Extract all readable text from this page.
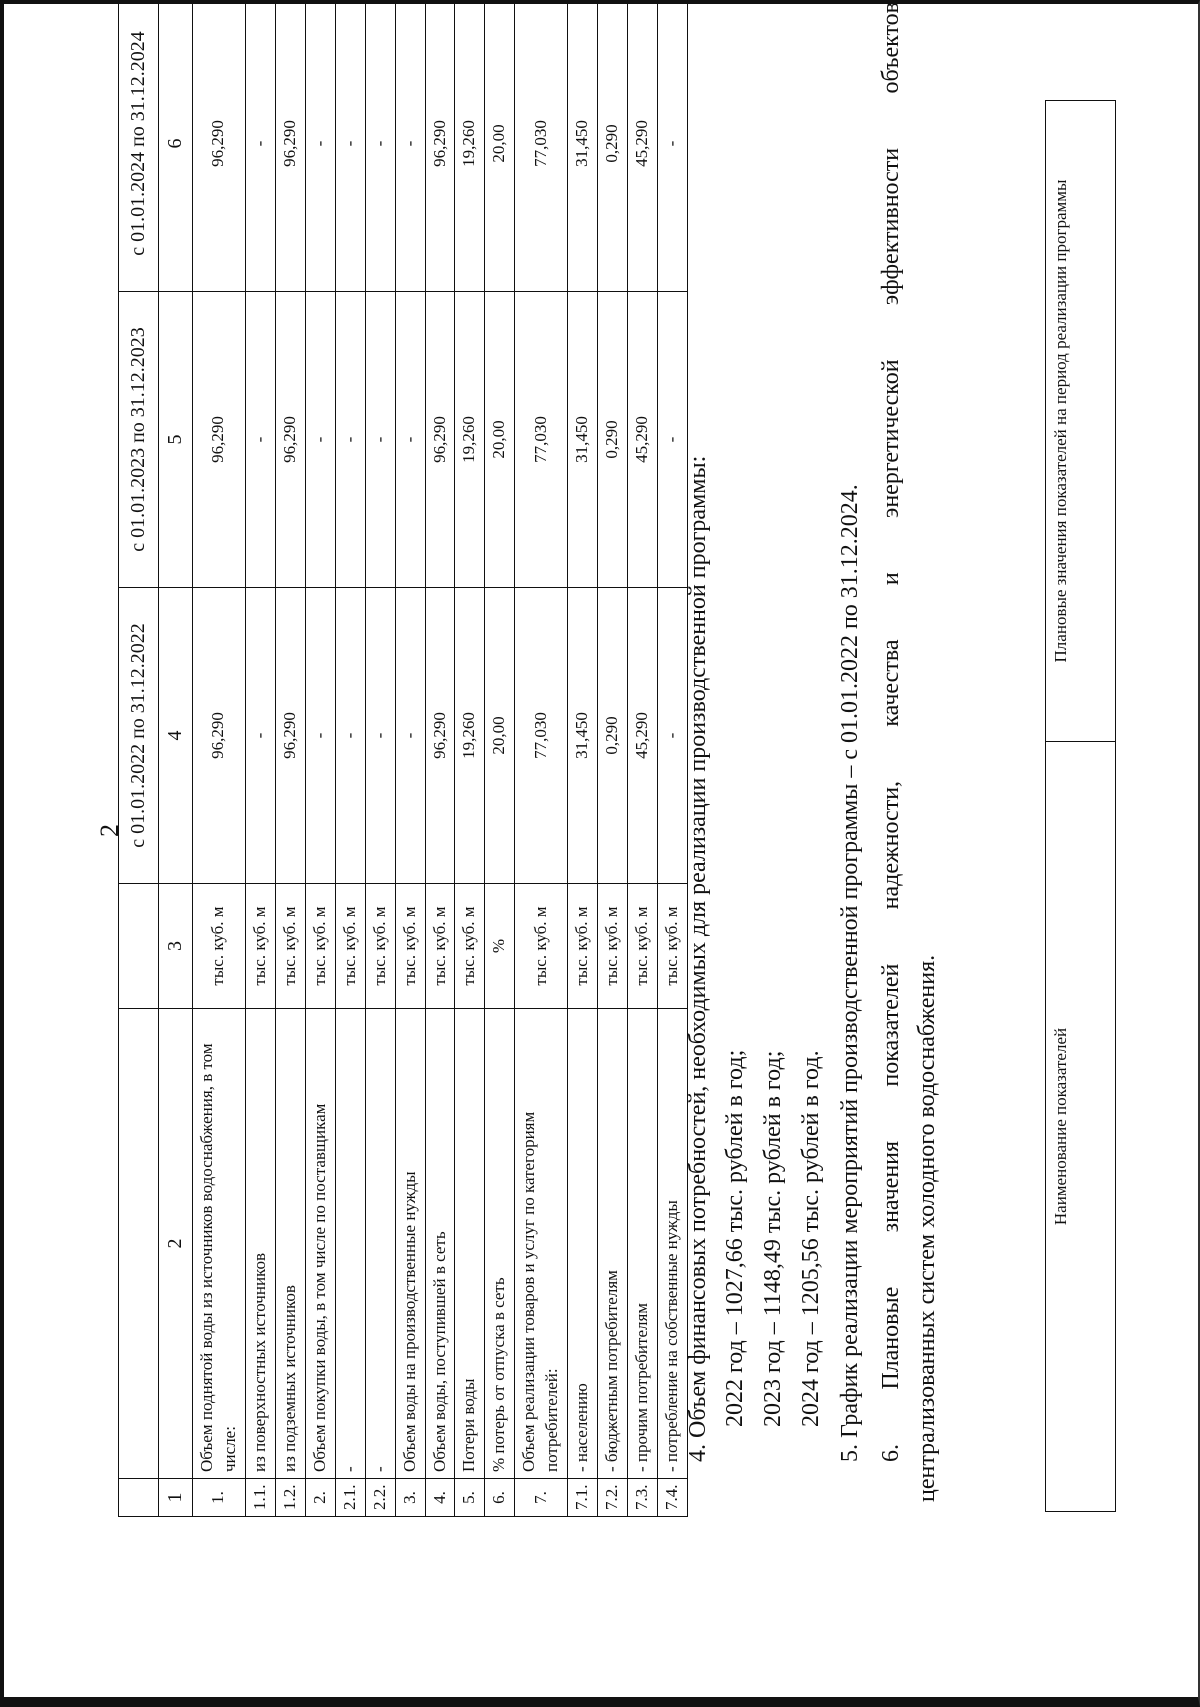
2
			с 01.01.2022 по 31.12.2022	с 01.01.2023 по 31.12.2023	с 01.01.2024 по 31.12.2024
1	2	3	4	5	6
1.	Объем поднятой воды из источников водоснабжения, в том числе:	тыс. куб. м	96,290	96,290	96,290
1.1.	из поверхностных источников	тыс. куб. м	-	-	-
1.2.	из подземных источников	тыс. куб. м	96,290	96,290	96,290
2.	Объем покупки воды, в том числе по поставщикам	тыс. куб. м	-	-	-
2.1.	-	тыс. куб. м	-	-	-
2.2.	-	тыс. куб. м	-	-	-
3.	Объем воды на производственные нужды	тыс. куб. м	-	-	-
4.	Объем воды, поступившей в сеть	тыс. куб. м	96,290	96,290	96,290
5.	Потери воды	тыс. куб. м	19,260	19,260	19,260
6.	% потерь от отпуска в сеть	%	20,00	20,00	20,00
7.	Объем реализации товаров и услуг по категориям потребителей:	тыс. куб. м	77,030	77,030	77,030
7.1.	- населению	тыс. куб. м	31,450	31,450	31,450
7.2.	- бюджетным потребителям	тыс. куб. м	0,290	0,290	0,290
7.3.	- прочим потребителям	тыс. куб. м	45,290	45,290	45,290
7.4.	- потребление на собственные нужды	тыс. куб. м	-	-	-
4. Объем финансовых потребностей, необходимых для реализации производственной программы: 2022 год – 1027,66 тыс. рублей в год; 2023 год – 1148,49 тыс. рублей в год; 2024 год – 1205,56 тыс. рублей в год. 5. График реализации мероприятий производственной программы – с 01.01.2022 по 31.12.2024. 6. Плановые значения показателей надежности, качества и энергетической эффективности объектов централизованных систем холодного водоснабжения.	Наименование показателей	Плановые значения показателей на период реализации программы
